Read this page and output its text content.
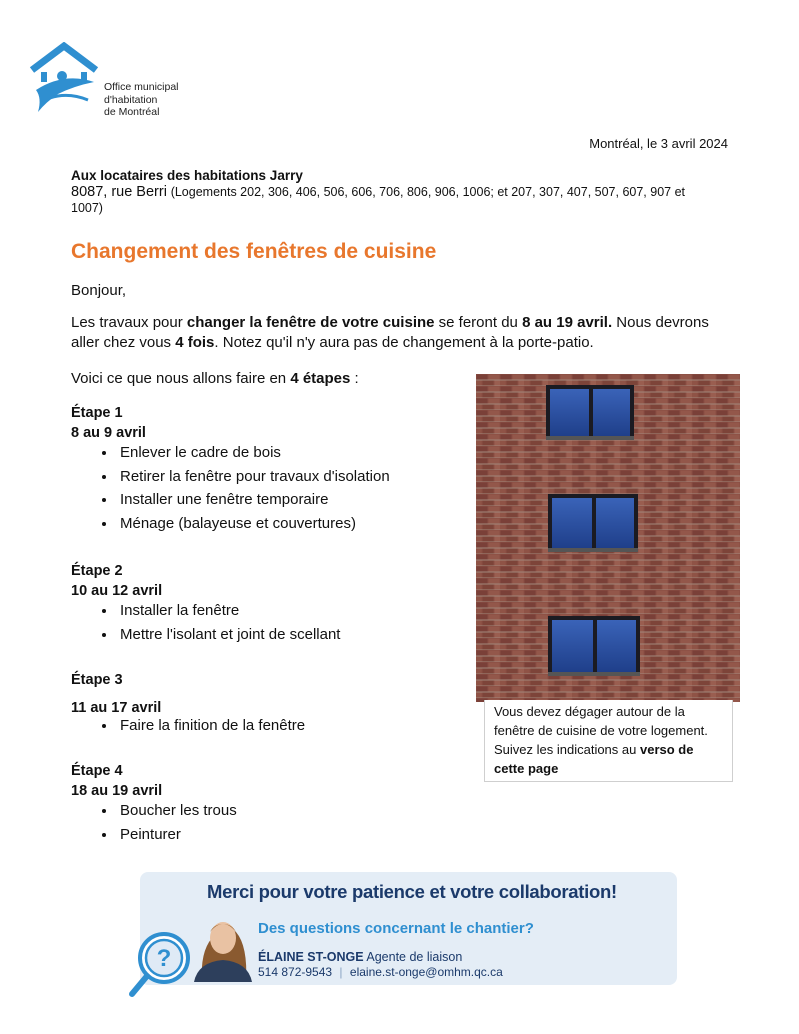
Office municipal
d'habitation
de Montréal
Montréal, le 3 avril 2024
Aux locataires des habitations Jarry
8087, rue Berri (Logements 202, 306, 406, 506, 606, 706, 806, 906, 1006; et 207, 307, 407, 507, 607, 907 et 1007)
Changement des fenêtres de cuisine
Bonjour,
Les travaux pour changer la fenêtre de votre cuisine se feront du 8 au 19 avril. Nous devrons aller chez vous 4 fois. Notez qu'il n'y aura pas de changement à la porte-patio.
Voici ce que nous allons faire en 4 étapes :
Étape 1
8 au 9 avril
• Enlever le cadre de bois
• Retirer la fenêtre pour travaux d'isolation
• Installer une fenêtre temporaire
• Ménage (balayeuse et couvertures)
Étape 2
10 au 12 avril
• Installer la fenêtre
• Mettre l'isolant et joint de scellant
Étape 3
11 au 17 avril
• Faire la finition de la fenêtre
Étape 4
18 au 19 avril
• Boucher les trous
• Peinturer
Vous devez dégager autour de la fenêtre de cuisine de votre logement. Suivez les indications au verso de cette page
Merci pour votre patience et votre collaboration!
?
Des questions concernant le chantier?
ÉLAINE ST-ONGE Agente de liaison
514 872-9543 | elaine.st-onge@omhm.qc.ca
